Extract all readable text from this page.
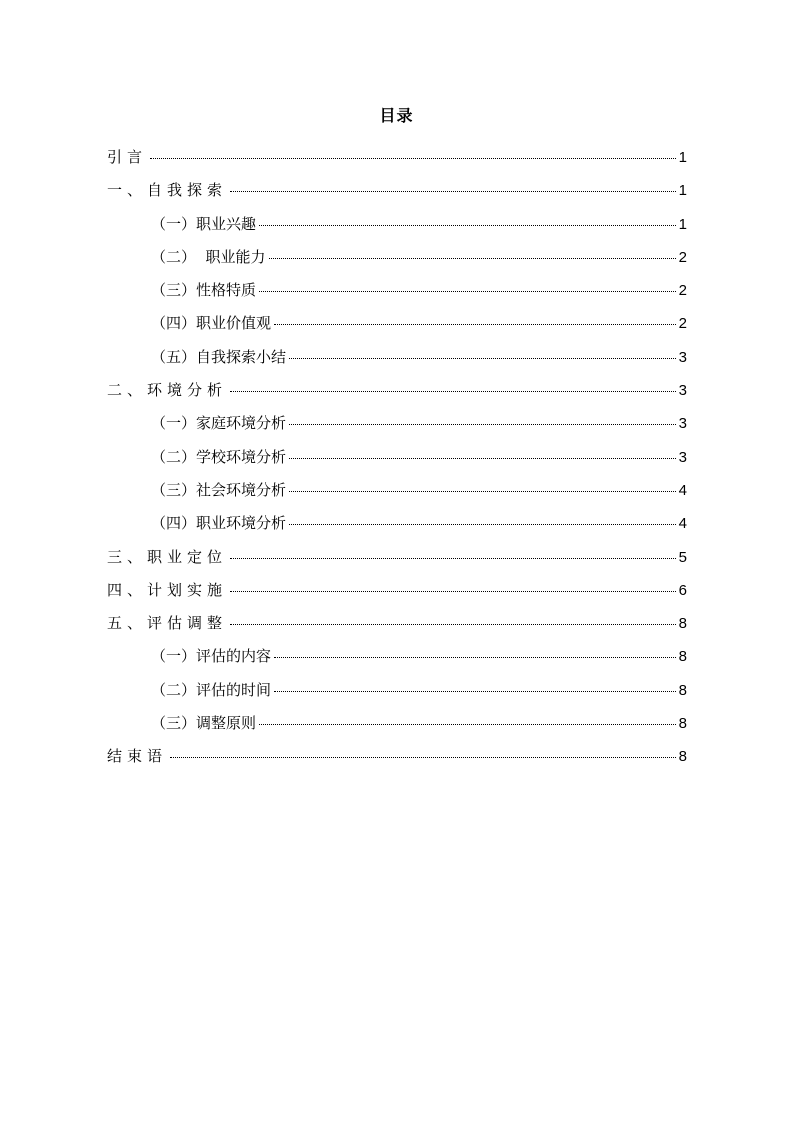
目录
引言	1
一、自我探索	1
（一）职业兴趣	1
（二）  职业能力	2
（三）性格特质	2
（四）职业价值观	2
（五）自我探索小结	3
二、环境分析	3
（一）家庭环境分析	3
（二）学校环境分析	3
（三）社会环境分析	4
（四）职业环境分析	4
三、职业定位	5
四、计划实施	6
五、评估调整	8
（一）评估的内容	8
（二）评估的时间	8
（三）调整原则	8
结束语	8
